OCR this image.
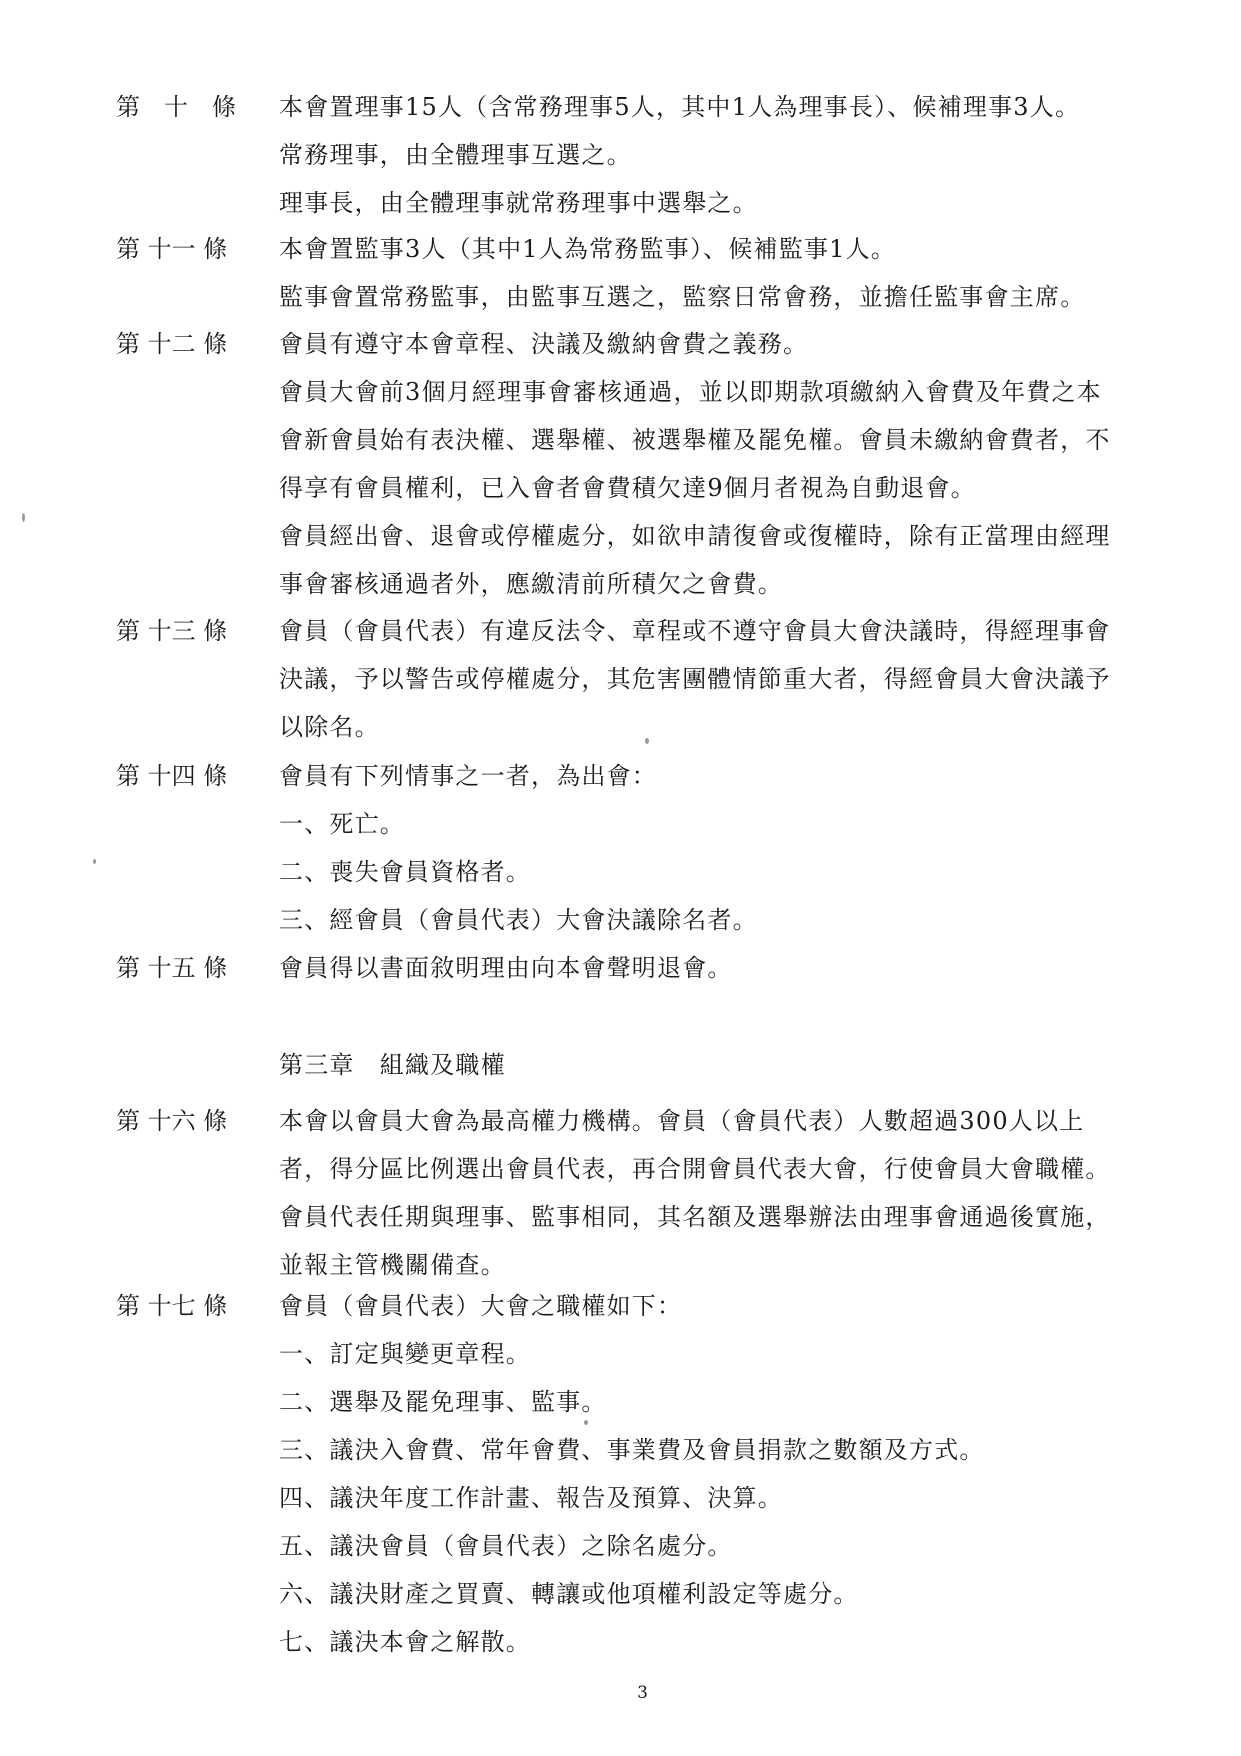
第　十　條	本會置理事15人（含常務理事5人，其中1人為理事長）、候補理事3人。
常務理事，由全體理事互選之。
理事長，由全體理事就常務理事中選舉之。
第 十一 條	本會置監事3人（其中1人為常務監事）、候補監事1人。
監事會置常務監事，由監事互選之，監察日常會務，並擔任監事會主席。
第 十二 條	會員有遵守本會章程、決議及繳納會費之義務。
會員大會前3個月經理事會審核通過，並以即期款項繳納入會費及年費之本
會新會員始有表決權、選舉權、被選舉權及罷免權。會員未繳納會費者，不
得享有會員權利，已入會者會費積欠達9個月者視為自動退會。
會員經出會、退會或停權處分，如欲申請復會或復權時，除有正當理由經理
事會審核通過者外，應繳清前所積欠之會費。
第 十三 條	會員（會員代表）有違反法令、章程或不遵守會員大會決議時，得經理事會
決議，予以警告或停權處分，其危害團體情節重大者，得經會員大會決議予
以除名。
第 十四 條	會員有下列情事之一者，為出會：
一、死亡。
二、喪失會員資格者。
三、經會員（會員代表）大會決議除名者。
第 十五 條	會員得以書面敘明理由向本會聲明退會。
第三章　組織及職權
第 十六 條	本會以會員大會為最高權力機構。會員（會員代表）人數超過300人以上
者，得分區比例選出會員代表，再合開會員代表大會，行使會員大會職權。
會員代表任期與理事、監事相同，其名額及選舉辦法由理事會通過後實施，
並報主管機關備查。
第 十七 條	會員（會員代表）大會之職權如下：
一、訂定與變更章程。
二、選舉及罷免理事、監事。
三、議決入會費、常年會費、事業費及會員捐款之數額及方式。
四、議決年度工作計畫、報告及預算、決算。
五、議決會員（會員代表）之除名處分。
六、議決財產之買賣、轉讓或他項權利設定等處分。
七、議決本會之解散。
3
